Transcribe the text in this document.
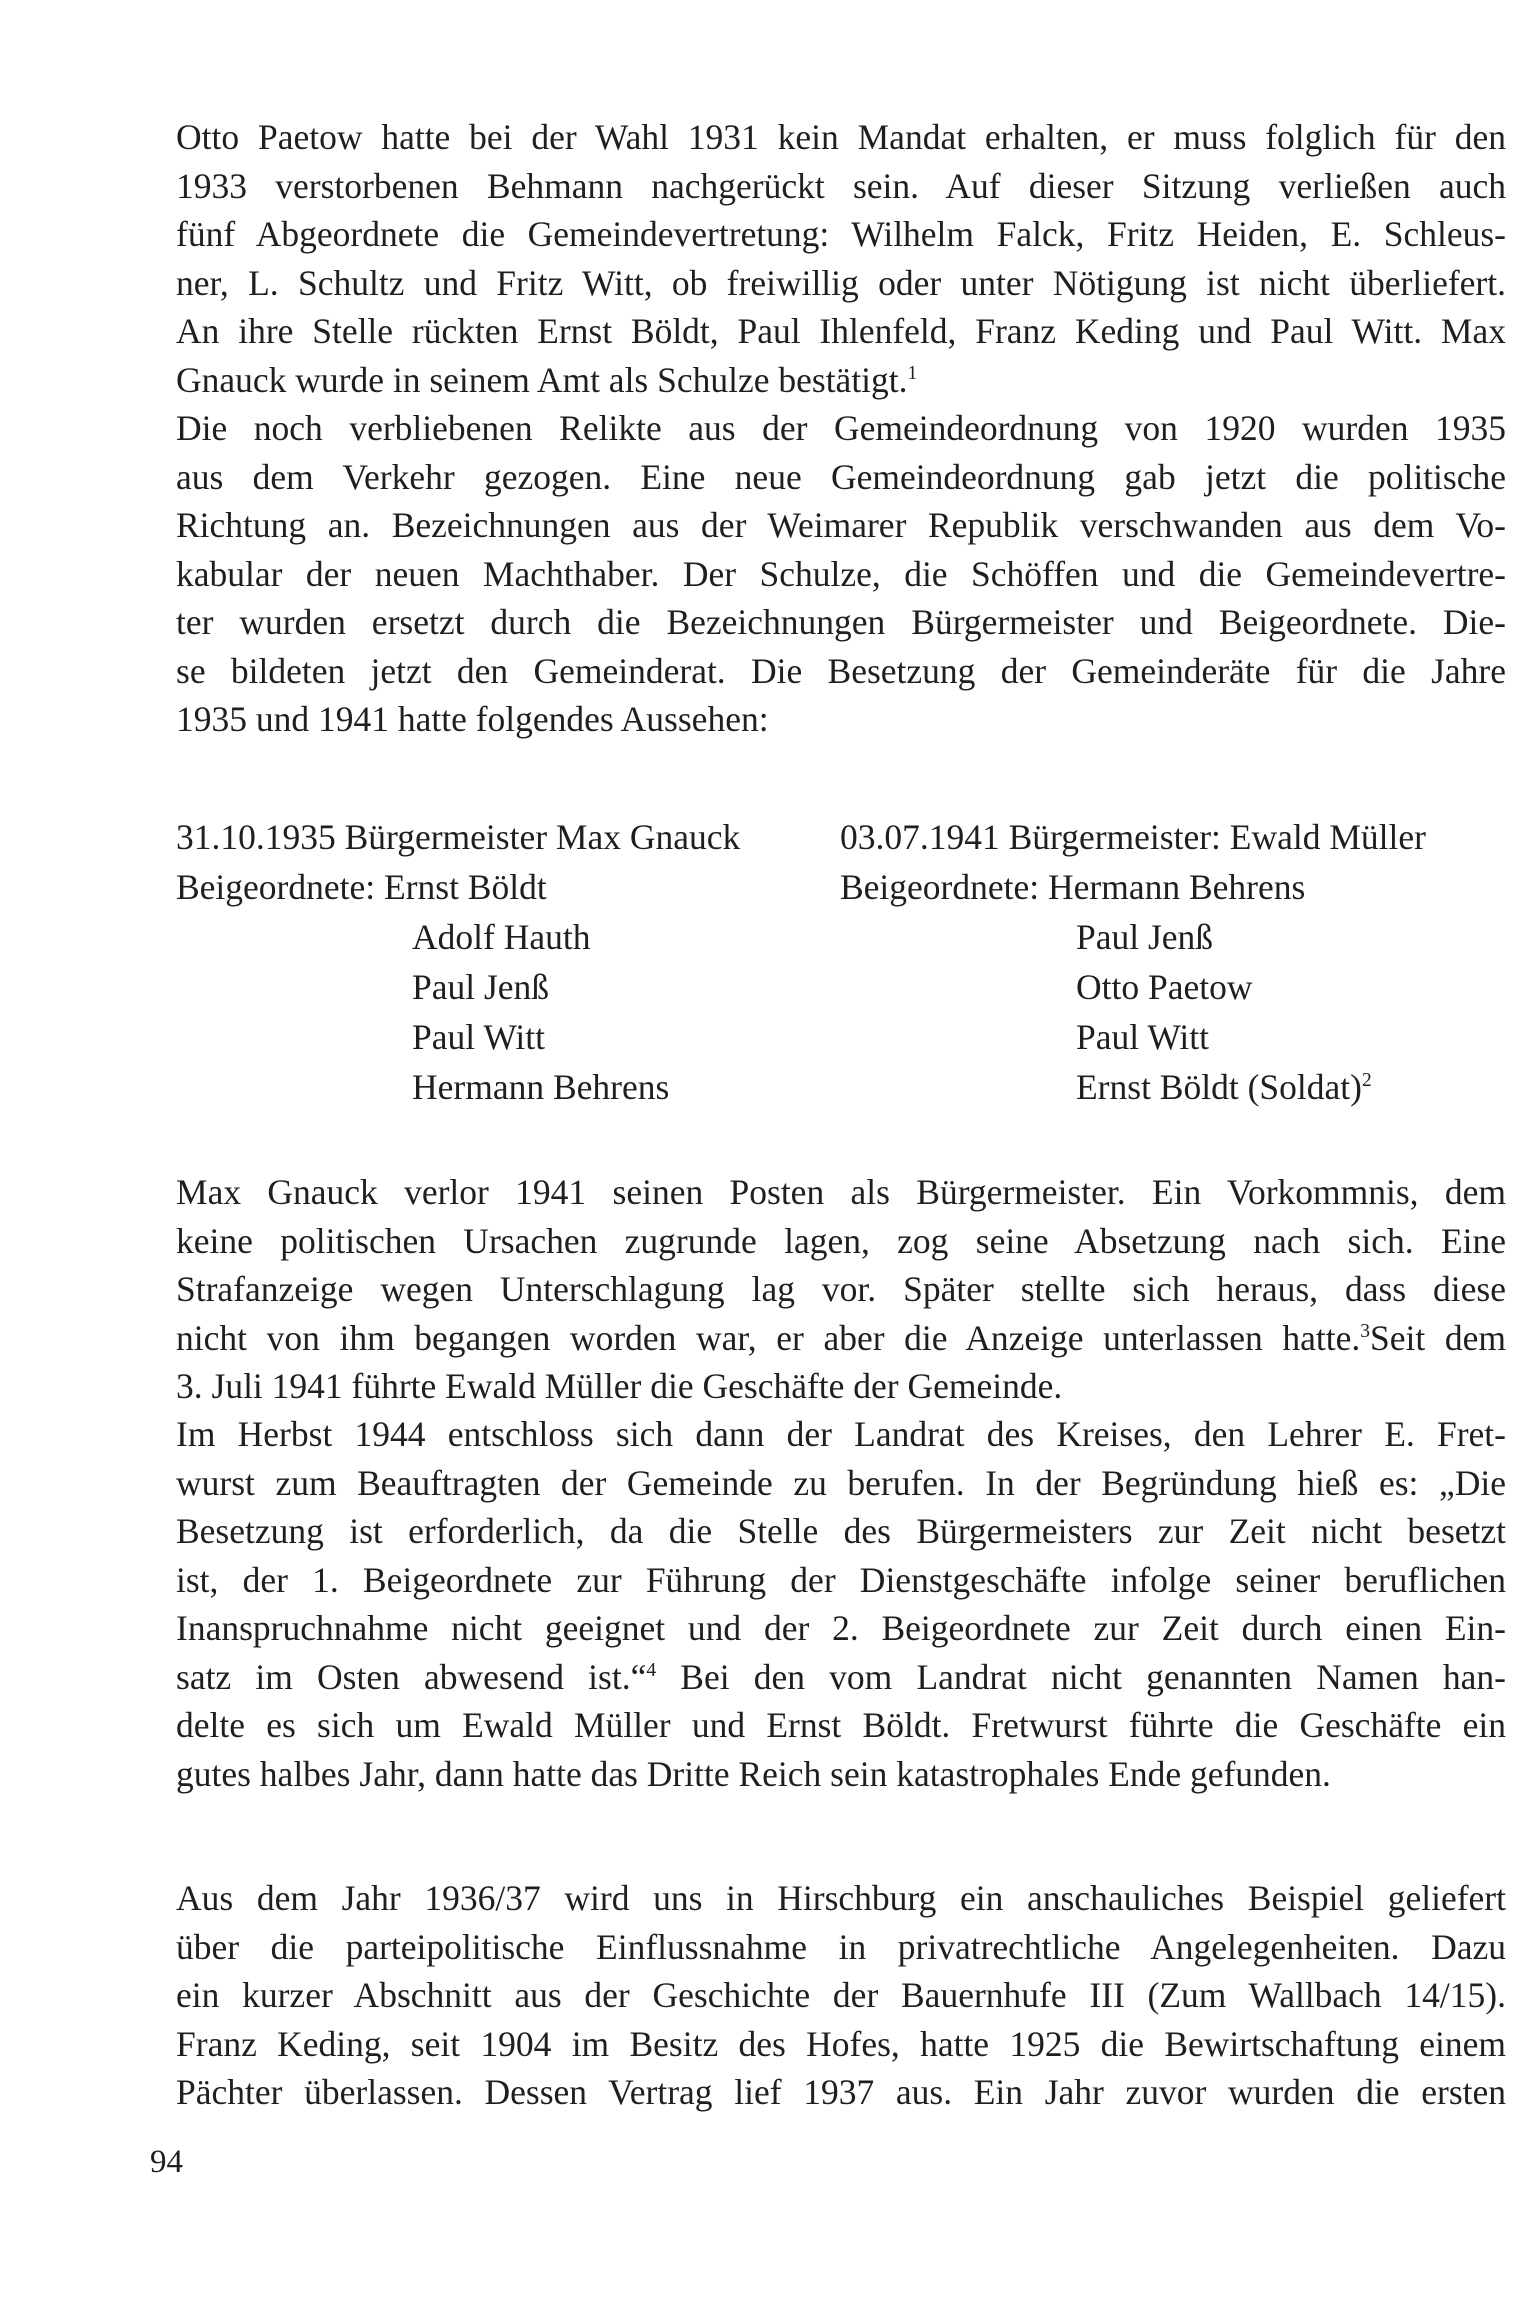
Otto Paetow hatte bei der Wahl 1931 kein Mandat erhalten, er muss folglich für den
1933 verstorbenen Behmann nachgerückt sein. Auf dieser Sitzung verließen auch
fünf Abgeordnete die Gemeindevertretung: Wilhelm Falck, Fritz Heiden, E. Schleus-
ner, L. Schultz und Fritz Witt, ob freiwillig oder unter Nötigung ist nicht überliefert.
An ihre Stelle rückten Ernst Böldt, Paul Ihlenfeld, Franz Keding und Paul Witt. Max
Gnauck wurde in seinem Amt als Schulze bestätigt.$^1$
Die noch verbliebenen Relikte aus der Gemeindeordnung von 1920 wurden 1935
aus dem Verkehr gezogen. Eine neue Gemeindeordnung gab jetzt die politische
Richtung an. Bezeichnungen aus der Weimarer Republik verschwanden aus dem Vo-
kabular der neuen Machthaber. Der Schulze, die Schöffen und die Gemeindevertre-
ter wurden ersetzt durch die Bezeichnungen Bürgermeister und Beigeordnete. Die-
se bildeten jetzt den Gemeinderat. Die Besetzung der Gemeinderäte für die Jahre
1935 und 1941 hatte folgendes Aussehen:
31.10.1935 Bürgermeister Max Gnauck
Beigeordnete: Ernst Böldt
Adolf Hauth
Paul Jenß
Paul Witt
Hermann Behrens
03.07.1941 Bürgermeister: Ewald Müller
Beigeordnete: Hermann Behrens
Paul Jenß
Otto Paetow
Paul Witt
Ernst Böldt (Soldat)$^2$
Max Gnauck verlor 1941 seinen Posten als Bürgermeister. Ein Vorkommnis, dem
keine politischen Ursachen zugrunde lagen, zog seine Absetzung nach sich. Eine
Strafanzeige wegen Unterschlagung lag vor. Später stellte sich heraus, dass diese
nicht von ihm begangen worden war, er aber die Anzeige unterlassen hatte.$^3$Seit dem
3. Juli 1941 führte Ewald Müller die Geschäfte der Gemeinde.
Im Herbst 1944 entschloss sich dann der Landrat des Kreises, den Lehrer E. Fret-
wurst zum Beauftragten der Gemeinde zu berufen. In der Begründung hieß es: „Die
Besetzung ist erforderlich, da die Stelle des Bürgermeisters zur Zeit nicht besetzt
ist, der 1. Beigeordnete zur Führung der Dienstgeschäfte infolge seiner beruflichen
Inanspruchnahme nicht geeignet und der 2. Beigeordnete zur Zeit durch einen Ein-
satz im Osten abwesend ist.“$^4$ Bei den vom Landrat nicht genannten Namen han-
delte es sich um Ewald Müller und Ernst Böldt. Fretwurst führte die Geschäfte ein
gutes halbes Jahr, dann hatte das Dritte Reich sein katastrophales Ende gefunden.
Aus dem Jahr 1936/37 wird uns in Hirschburg ein anschauliches Beispiel geliefert
über die parteipolitische Einflussnahme in privatrechtliche Angelegenheiten. Dazu
ein kurzer Abschnitt aus der Geschichte der Bauernhufe III (Zum Wallbach 14/15).
Franz Keding, seit 1904 im Besitz des Hofes, hatte 1925 die Bewirtschaftung einem
Pächter überlassen. Dessen Vertrag lief 1937 aus. Ein Jahr zuvor wurden die ersten
94
